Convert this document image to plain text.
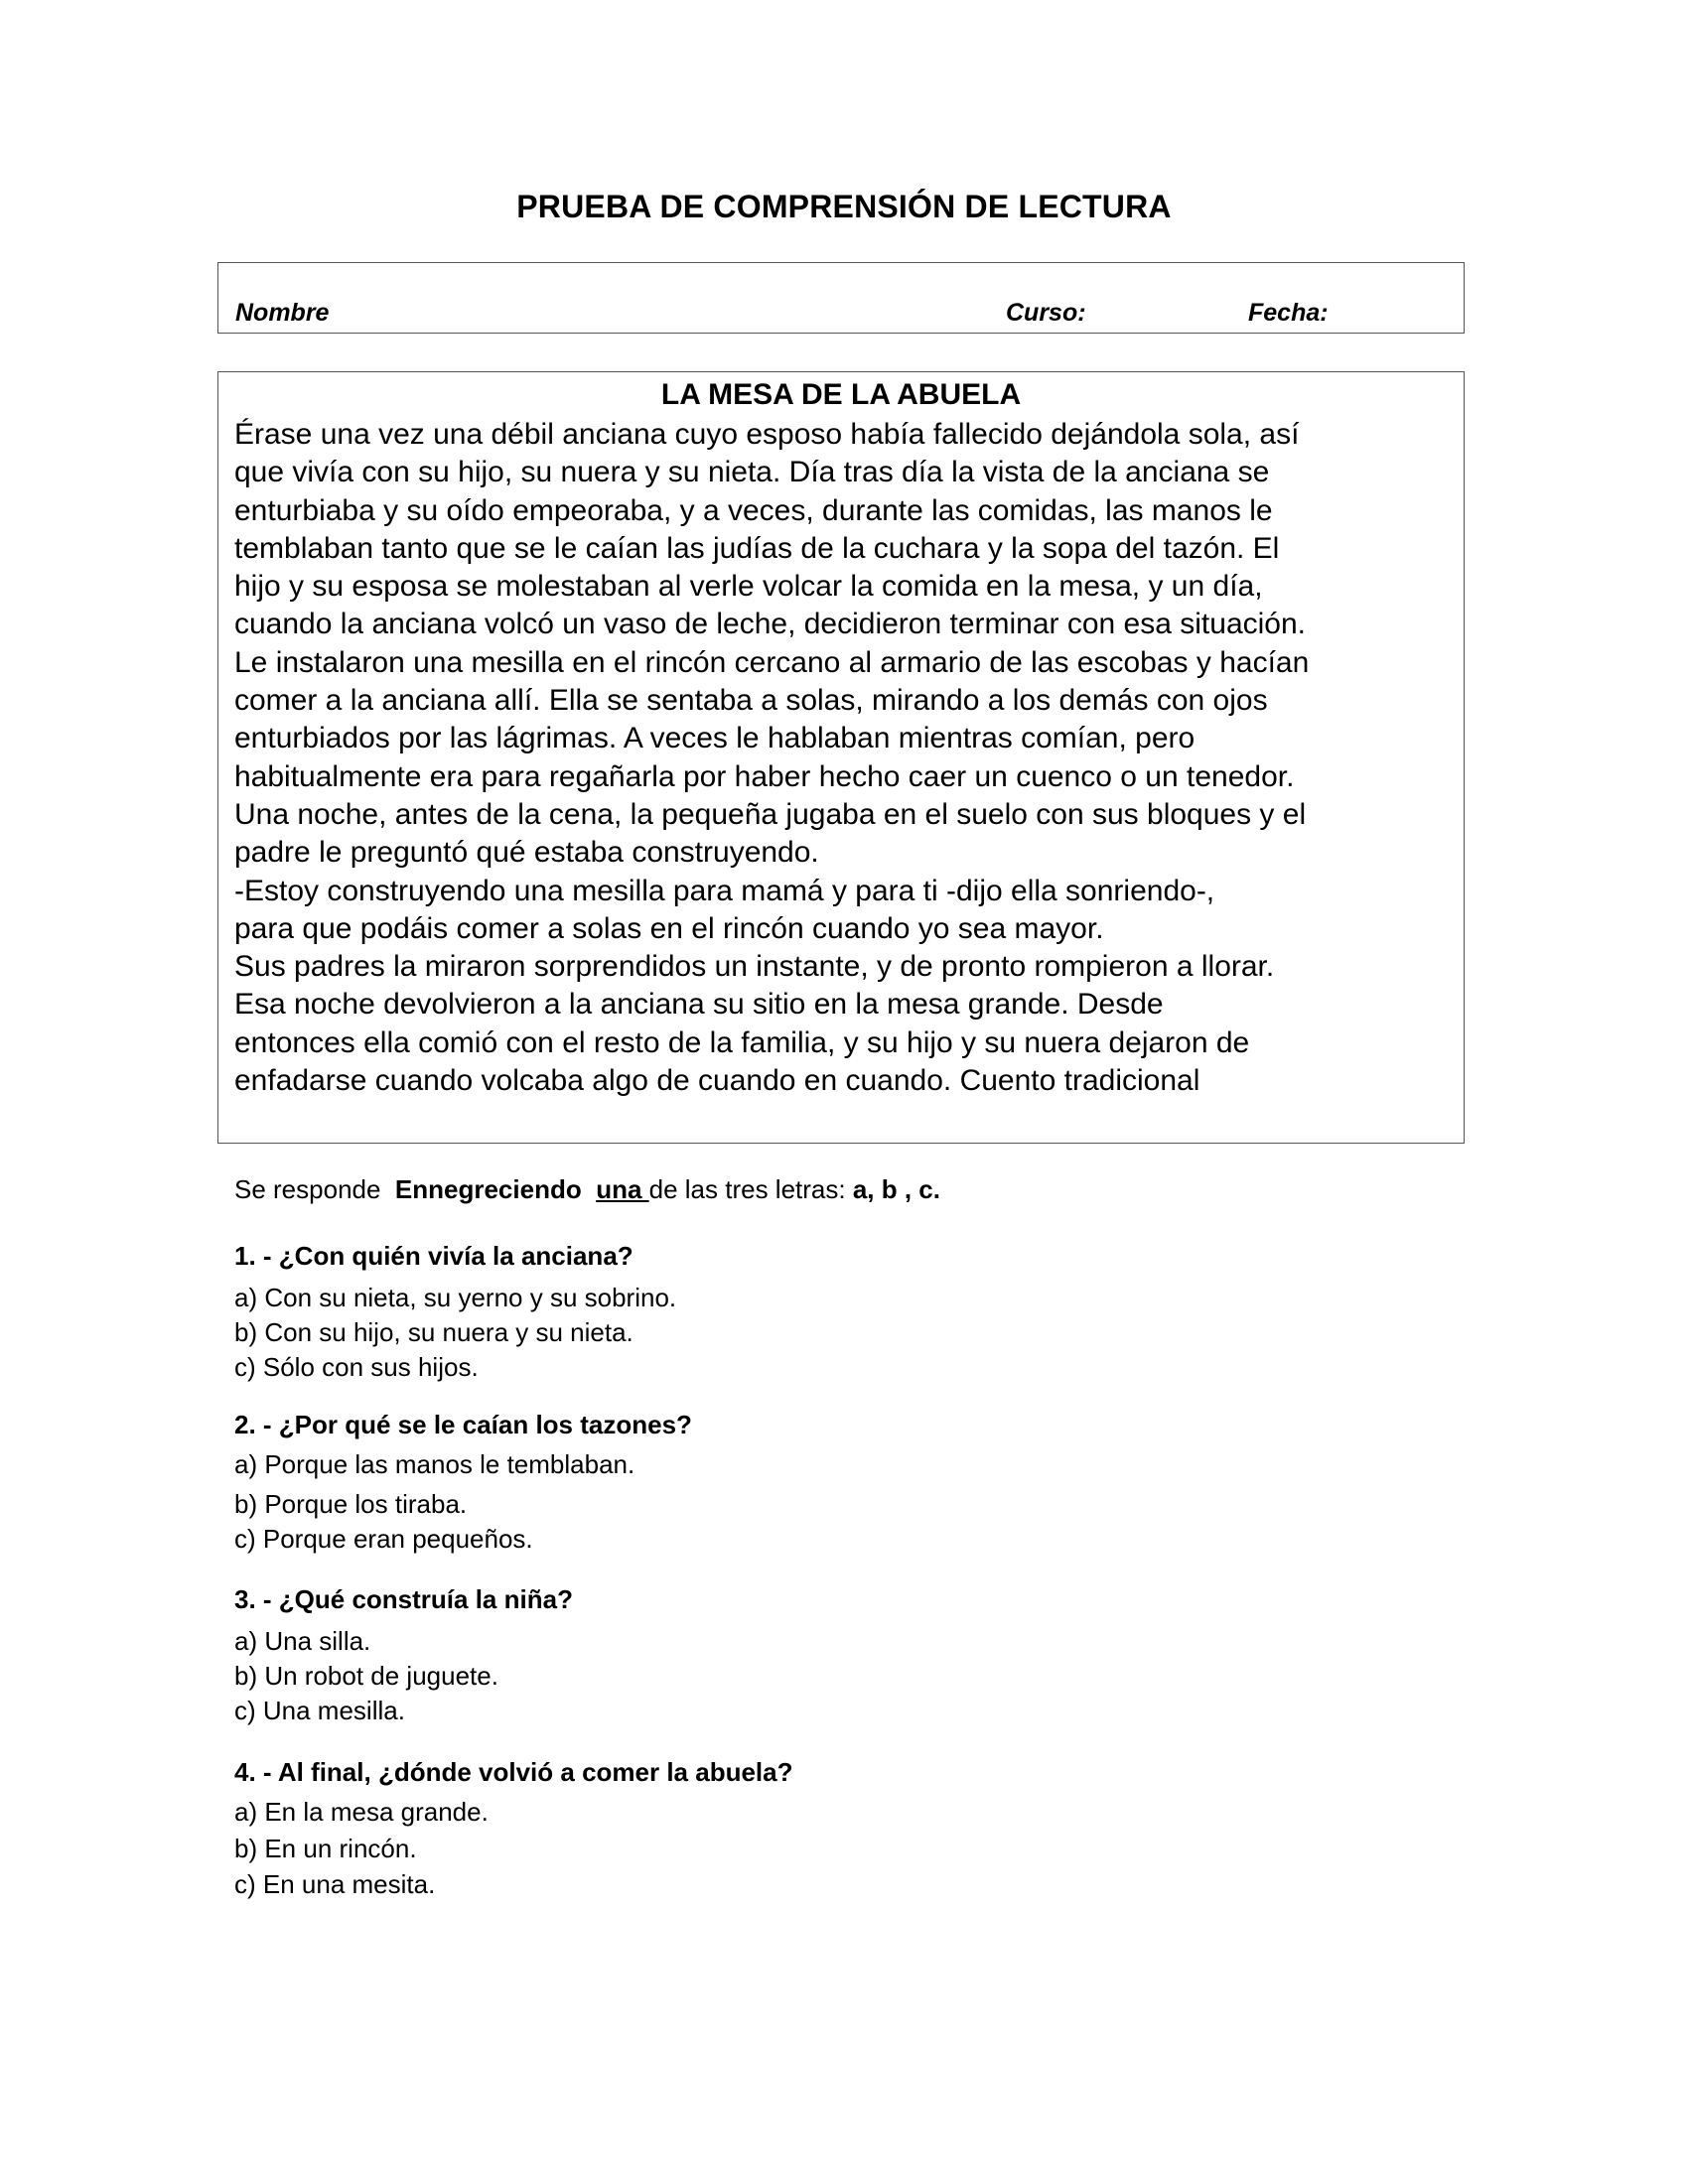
PRUEBA DE COMPRENSIÓN DE LECTURA
Nombre	Curso:	Fecha:
LA MESA DE LA ABUELA

Érase una vez una débil anciana cuyo esposo había fallecido dejándola sola, así
que vivía con su hijo, su nuera y su nieta. Día tras día la vista de la anciana se
enturbiaba y su oído empeoraba, y a veces, durante las comidas, las manos le
temblaban tanto que se le caían las judías de la cuchara y la sopa del tazón. El
hijo y su esposa se molestaban al verle volcar la comida en la mesa, y un día,
cuando la anciana volcó un vaso de leche, decidieron terminar con esa situación.
Le instalaron una mesilla en el rincón cercano al armario de las escobas y hacían
comer a la anciana allí. Ella se sentaba a solas, mirando a los demás con ojos
enturbiados por las lágrimas. A veces le hablaban mientras comían, pero
habitualmente era para regañarla por haber hecho caer un cuenco o un tenedor.
Una noche, antes de la cena, la pequeña jugaba en el suelo con sus bloques y el
padre le preguntó qué estaba construyendo.
-Estoy construyendo una mesilla para mamá y para ti -dijo ella sonriendo-,
para que podáis comer a solas en el rincón cuando yo sea mayor.
Sus padres la miraron sorprendidos un instante, y de pronto rompieron a llorar.
Esa noche devolvieron a la anciana su sitio en la mesa grande. Desde
entonces ella comió con el resto de la familia, y su hijo y su nuera dejaron de
enfadarse cuando volcaba algo de cuando en cuando. Cuento tradicional

Se responde Ennegreciendo una de las tres letras: a, b , c.
1. - ¿Con quién vivía la anciana?
a) Con su nieta, su yerno y su sobrino.
b) Con su hijo, su nuera y su nieta.
c) Sólo con sus hijos.
2. - ¿Por qué se le caían los tazones?
a) Porque las manos le temblaban.
b) Porque los tiraba.
c) Porque eran pequeños.
3. - ¿Qué construía la niña?
a) Una silla.
b) Un robot de juguete.
c) Una mesilla.
4. - Al final, ¿dónde volvió a comer la abuela?
a) En la mesa grande.
b) En un rincón.
c) En una mesita.
